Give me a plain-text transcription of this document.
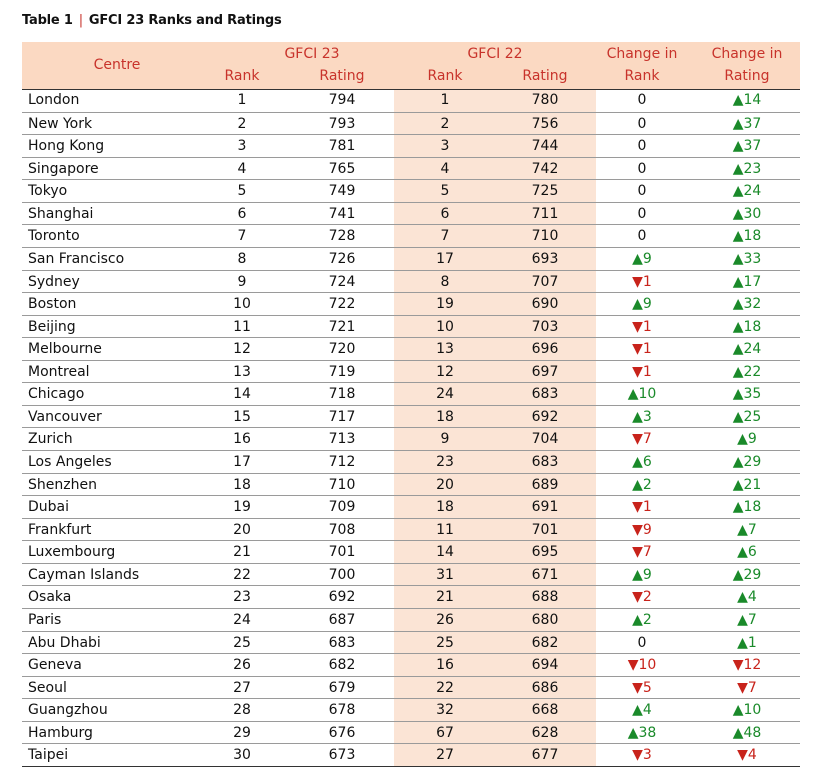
Table 1 | GFCI 23 Ranks and Ratings
Centre
GFCI 23
Rank	Rating
GFCI 22
Rank	Rating
Change in
Rank
Change in
Rating
London	1	794	1	780	0	▲14
New York	2	793	2	756	0	▲37
Hong Kong	3	781	3	744	0	▲37
Singapore	4	765	4	742	0	▲23
Tokyo	5	749	5	725	0	▲24
Shanghai	6	741	6	711	0	▲30
Toronto	7	728	7	710	0	▲18
San Francisco	8	726	17	693	▲9	▲33
Sydney	9	724	8	707	▼1	▲17
Boston	10	722	19	690	▲9	▲32
Beijing	11	721	10	703	▼1	▲18
Melbourne	12	720	13	696	▼1	▲24
Montreal	13	719	12	697	▼1	▲22
Chicago	14	718	24	683	▲10	▲35
Vancouver	15	717	18	692	▲3	▲25
Zurich	16	713	9	704	▼7	▲9
Los Angeles	17	712	23	683	▲6	▲29
Shenzhen	18	710	20	689	▲2	▲21
Dubai	19	709	18	691	▼1	▲18
Frankfurt	20	708	11	701	▼9	▲7
Luxembourg	21	701	14	695	▼7	▲6
Cayman Islands	22	700	31	671	▲9	▲29
Osaka	23	692	21	688	▼2	▲4
Paris	24	687	26	680	▲2	▲7
Abu Dhabi	25	683	25	682	0	▲1
Geneva	26	682	16	694	▼10	▼12
Seoul	27	679	22	686	▼5	▼7
Guangzhou	28	678	32	668	▲4	▲10
Hamburg	29	676	67	628	▲38	▲48
Taipei	30	673	27	677	▼3	▼4
